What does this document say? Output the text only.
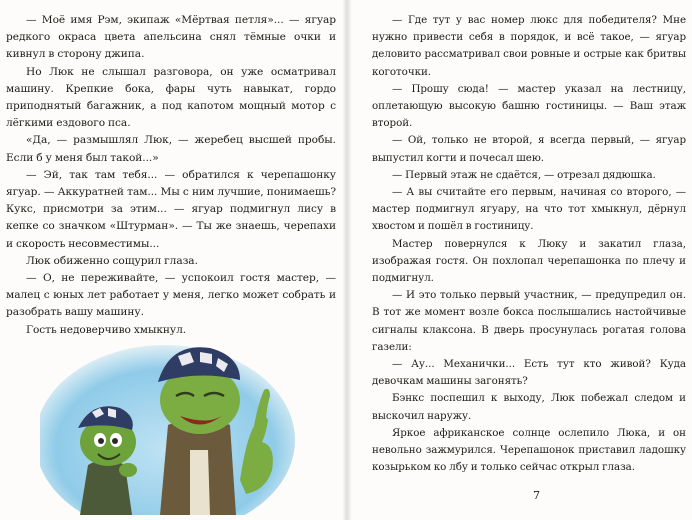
— Моё имя Рэм, экипаж «Мёртвая петля»... — ягуар редкого окраса цвета апельсина снял тёмные очки и кивнул в сторону джипа.

Но Люк не слышал разговора, он уже осматривал машину. Крепкие бока, фары чуть навыкат, гордо приподнятый багажник, а под капотом мощный мотор с лёгкими ездового пса.

«Да, — размышлял Люк, — жеребец высшей пробы. Если б у меня был такой...»

— Эй, так там тебя... — обратился к черепашонку ягуар. — Аккуратней там... Мы с ним лучшие, понимаешь? Кукс, присмотри за этим... — ягуар подмигнул лису в кепке со значком «Штурман». — Ты же знаешь, черепахи и скорость несовместимы...

Люк обиженно сощурил глаза.

— О, не переживайте, — успокоил гостя мастер, — малец с юных лет работает у меня, легко может собрать и разобрать вашу машину.

Гость недоверчиво хмыкнул.

— Где тут у вас номер люкс для победителя? Мне нужно привести себя в порядок, и всё такое, — ягуар деловито рассматривал свои ровные и острые как бритвы коготочки.

— Прошу сюда! — мастер указал на лестницу, оплетающую высокую башню гостиницы. — Ваш этаж второй.

— Ой, только не второй, я всегда первый, — ягуар выпустил когти и почесал шею.

— Первый этаж не сдаётся, — отрезал дядюшка.

— А вы считайте его первым, начиная со второго, — мастер подмигнул ягуару, на что тот хмыкнул, дёрнул хвостом и пошёл в гостиницу.

Мастер повернулся к Люку и закатил глаза, изображая гостя. Он похлопал черепашонка по плечу и подмигнул.

— И это только первый участник, — предупредил он. В тот же момент возле бокса послышались настойчивые сигналы клаксона. В дверь просунулась рогатая голова газели:

— Ау... Механички... Есть тут кто живой? Куда девочкам машины загонять?

Бэнкс поспешил к выходу, Люк побежал следом и выскочил наружу.

Яркое африканское солнце ослепило Люка, и он невольно зажмурился. Черепашонок приставил ладошку козырьком ко лбу и только сейчас открыл глаза.

7
